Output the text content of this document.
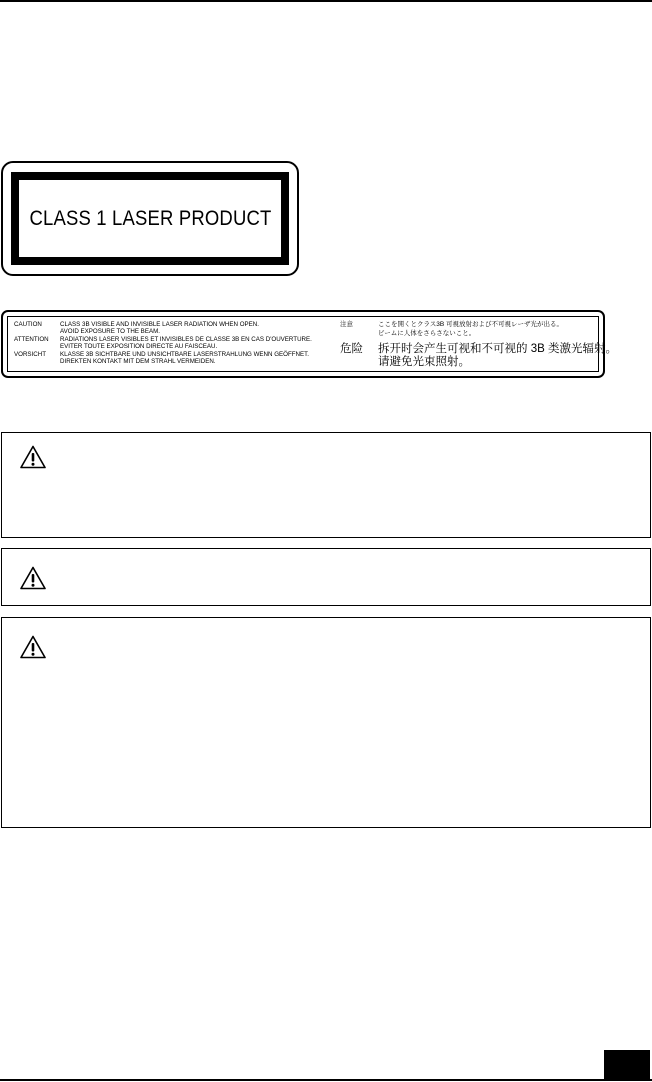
CLASS 1 LASER PRODUCT
CAUTION	CLASS 3B VISIBLE AND INVISIBLE LASER RADIATION WHEN OPEN.
AVOID EXPOSURE TO THE BEAM.
ATTENTION RADIATIONS LASER VISIBLES ET INVISIBLES DE CLASSE 3B EN CAS D'OUVERTURE.
EVITER TOUTE EXPOSITION DIRECTE AU FAISCEAU.
VORSICHT KLASSE 3B SICHTBARE UND UNSICHTBARE LASERSTRAHLUNG WENN GEÖFFNET.
DIREKTEN KONTAKT MIT DEM STRAHL VERMEIDEN.
注意	ここを開くとクラス3B 可視放射および不可視レーザ光が出る。
ビームに人体をさらさないこと。
危险 拆开时会产生可视和不可视的 3B 类激光辐射。
请避免光束照射。
